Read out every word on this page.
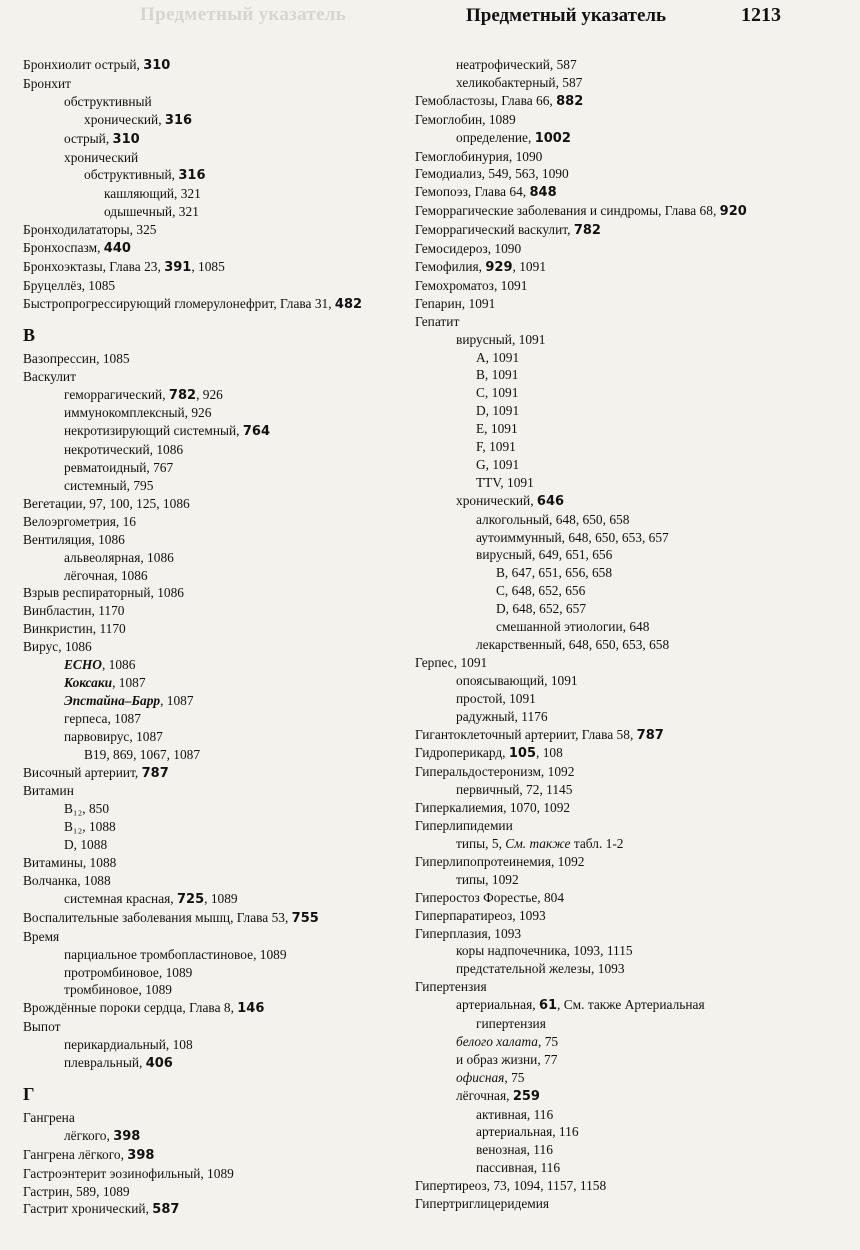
Предметный указатель	Предметный указатель	1213
Бронхиолит острый, 310
Бронхит
обструктивный
хронический, 316
острый, 310
хронический
обструктивный, 316
кашляющий, 321
одышечный, 321
Бронходилататоры, 325
Бронхоспазм, 440
Бронхоэктазы, Глава 23, 391, 1085
Бруцеллёз, 1085
Быстропрогрессирующий гломерулонефрит, Глава 31, 482
В
Вазопрессин, 1085
Васкулит
геморрагический, 782, 926
иммунокомплексный, 926
некротизирующий системный, 764
некротический, 1086
ревматоидный, 767
системный, 795
Вегетации, 97, 100, 125, 1086
Велоэргометрия, 16
Вентиляция, 1086
альвеолярная, 1086
лёгочная, 1086
Взрыв респираторный, 1086
Винбластин, 1170
Винкристин, 1170
Вирус, 1086
ECHO, 1086
Коксаки, 1087
Эпстайна–Барр, 1087
герпеса, 1087
парвовирус, 1087
B19, 869, 1067, 1087
Височный артериит, 787
Витамин
B₁₂, 850
B₁₂, 1088
D, 1088
Витамины, 1088
Волчанка, 1088
системная красная, 725, 1089
Воспалительные заболевания мышц, Глава 53, 755
Время
парциальное тромбопластиновое, 1089
протромбиновое, 1089
тромбиновое, 1089
Врождённые пороки сердца, Глава 8, 146
Выпот
перикардиальный, 108
плевральный, 406
Г
Гангрена
лёгкого, 398
Гангрена лёгкого, 398
Гастроэнтерит эозинофильный, 1089
Гастрин, 589, 1089
Гастрит хронический, 587
неатрофический, 587
хеликобактерный, 587
Гемобластозы, Глава 66, 882
Гемоглобин, 1089
определение, 1002
Гемоглобинурия, 1090
Гемодиализ, 549, 563, 1090
Гемопоэз, Глава 64, 848
Геморрагические заболевания и синдромы, Глава 68, 920
Геморрагический васкулит, 782
Гемосидероз, 1090
Гемофилия, 929, 1091
Гемохроматоз, 1091
Гепарин, 1091
Гепатит
вирусный, 1091
A, 1091
B, 1091
C, 1091
D, 1091
E, 1091
F, 1091
G, 1091
TTV, 1091
хронический, 646
алкогольный, 648, 650, 658
аутоиммунный, 648, 650, 653, 657
вирусный, 649, 651, 656
B, 647, 651, 656, 658
C, 648, 652, 656
D, 648, 652, 657
смешанной этиологии, 648
лекарственный, 648, 650, 653, 658
Герпес, 1091
опоясывающий, 1091
простой, 1091
радужный, 1176
Гигантоклеточный артериит, Глава 58, 787
Гидроперикард, 105, 108
Гиперальдостеронизм, 1092
первичный, 72, 1145
Гиперкалиемия, 1070, 1092
Гиперлипидемии
типы, 5, См. также табл. 1-2
Гиперлипопротеинемия, 1092
типы, 1092
Гиперостоз Форестье, 804
Гиперпаратиреоз, 1093
Гиперплазия, 1093
коры надпочечника, 1093, 1115
предстательной железы, 1093
Гипертензия
артериальная, 61, См. также Артериальная
гипертензия
белого халата, 75
и образ жизни, 77
офисная, 75
лёгочная, 259
активная, 116
артериальная, 116
венозная, 116
пассивная, 116
Гипертиреоз, 73, 1094, 1157, 1158
Гипертриглицеридемия
